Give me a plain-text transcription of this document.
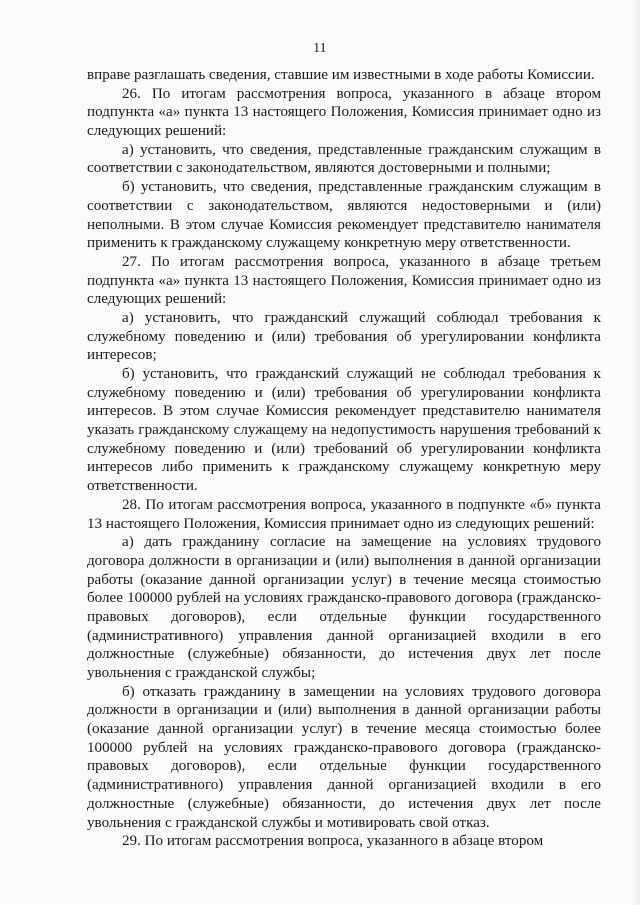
11

вправе разглашать сведения, ставшие им известными в ходе работы Комиссии.

26. По итогам рассмотрения вопроса, указанного в абзаце втором подпункта «а» пункта 13 настоящего Положения, Комиссия принимает одно из следующих решений:

а) установить, что сведения, представленные гражданским служащим в соответствии с законодательством, являются достоверными и полными;

б) установить, что сведения, представленные гражданским служащим в соответствии с законодательством, являются недостоверными и (или) неполными. В этом случае Комиссия рекомендует представителю нанимателя применить к гражданскому служащему конкретную меру ответственности.

27. По итогам рассмотрения вопроса, указанного в абзаце третьем подпункта «а» пункта 13 настоящего Положения, Комиссия принимает одно из следующих решений:

а) установить, что гражданский служащий соблюдал требования к служебному поведению и (или) требования об урегулировании конфликта интересов;

б) установить, что гражданский служащий не соблюдал требования к служебному поведению и (или) требования об урегулировании конфликта интересов. В этом случае Комиссия рекомендует представителю нанимателя указать гражданскому служащему на недопустимость нарушения требований к служебному поведению и (или) требований об урегулировании конфликта интересов либо применить к гражданскому служащему конкретную меру ответственности.

28. По итогам рассмотрения вопроса, указанного в подпункте «б» пункта 13 настоящего Положения, Комиссия принимает одно из следующих решений:

а) дать гражданину согласие на замещение на условиях трудового договора должности в организации и (или) выполнения в данной организации работы (оказание данной организации услуг) в течение месяца стоимостью более 100000 рублей на условиях гражданско-правового договора (гражданско-правовых договоров), если отдельные функции государственного (административного) управления данной организацией входили в его должностные (служебные) обязанности, до истечения двух лет после увольнения с гражданской службы;

б) отказать гражданину в замещении на условиях трудового договора должности в организации и (или) выполнения в данной организации работы (оказание данной организации услуг) в течение месяца стоимостью более 100000 рублей на условиях гражданско-правового договора (гражданско-правовых договоров), если отдельные функции государственного (административного) управления данной организацией входили в его должностные (служебные) обязанности, до истечения двух лет после увольнения с гражданской службы и мотивировать свой отказ.

29. По итогам рассмотрения вопроса, указанного в абзаце втором
